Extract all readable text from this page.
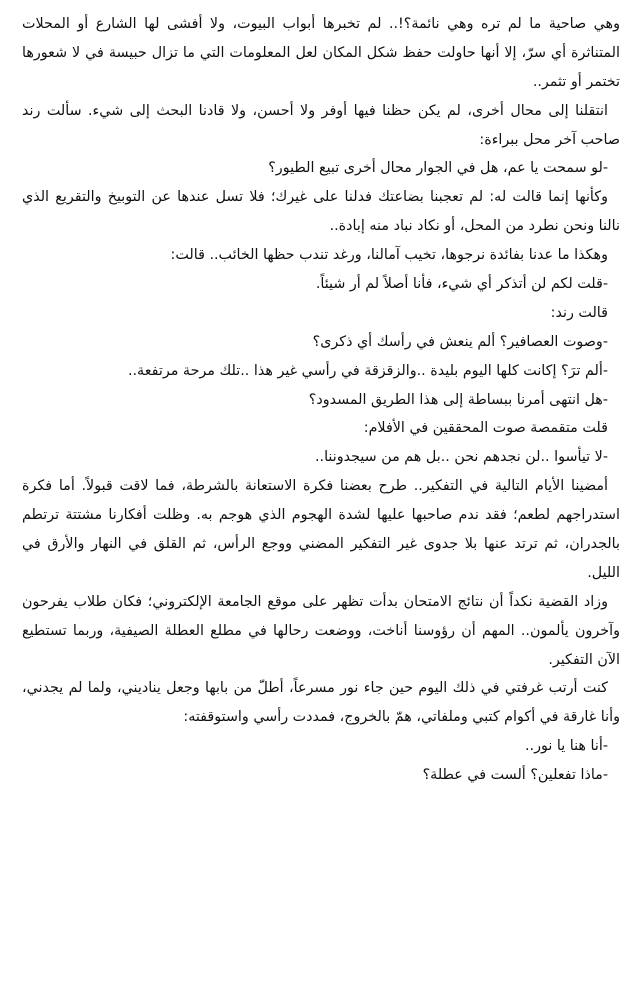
وهي صاحية ما لم تره وهي نائمة؟!.. لم تخبرها أبواب البيوت، ولا أفشى لها الشارع أو المحلات
المتناثرة أي سرّ، إلا أنها حاولت حفظ شكل المكان لعل المعلومات التي ما تزال حبيسة في لا شعورها
تختمر أو تثمر..
انتقلنا إلى محال أخرى، لم يكن حظنا فيها أوفر ولا أحسن، ولا قادنا البحث إلى شيء. سألت رند
صاحب آخر محل ببراءة:
-لو سمحت يا عم، هل في الجوار محال أخرى تبيع الطيور؟
وكأنها إنما قالت له: لم تعجبنا بضاعتك فدلنا على غيرك؛ فلا تسل عندها عن التوبيخ والتقريع الذي
نالنا ونحن نطرد من المحل، أو نكاد نباد منه إبادة..
وهكذا ما عدنا بفائدة نرجوها، تخيب آمالنا، ورغد تندب حظها الخائب.. قالت:
-قلت لكم لن أتذكر أي شيء، فأنا أصلاً لم أر شيئاً.
قالت رند:
-وصوت العصافير؟ ألم ينعش في رأسك أي ذكرى؟
-ألم ترَ؟ إكانت كلها اليوم بليدة ..والزقزقة في رأسي غير هذا ..تلك مرحة مرتفعة..
-هل انتهى أمرنا ببساطة إلى هذا الطريق المسدود؟
قلت متقمصة صوت المحققين في الأفلام:
-لا تيأسوا ..لن نجدهم نحن ..بل هم من سيجدوننا..
أمضينا الأيام التالية في التفكير.. طرح بعضنا فكرة الاستعانة بالشرطة، فما لاقت قبولاً. أما فكرة
استدراجهم لطعم؛ فقد ندم صاحبها عليها لشدة الهجوم الذي هوجم به. وظلت أفكارنا مشتتة ترتطم
بالجدران، ثم ترتد عنها بلا جدوى غير التفكير المضني ووجع الرأس، ثم القلق في النهار والأرق في
الليل.
وزاد القضية نكداً أن نتائج الامتحان بدأت تظهر على موقع الجامعة الإلكتروني؛ فكان طلاب يفرحون
وآخرون يألمون.. المهم أن رؤوسنا أناخت، ووضعت رحالها في مطلع العطلة الصيفية، وربما تستطيع
الآن التفكير.
كنت أرتب غرفتي في ذلك اليوم حين جاء نور مسرعاً، أطلّ من بابها وجعل يناديني، ولما لم يجدني،
وأنا غارقة في أكوام كتبي وملفاتي، همّ بالخروج، فمددت رأسي واستوقفته:
-أنا هنا يا نور..
-ماذا تفعلين؟ ألست في عطلة؟
